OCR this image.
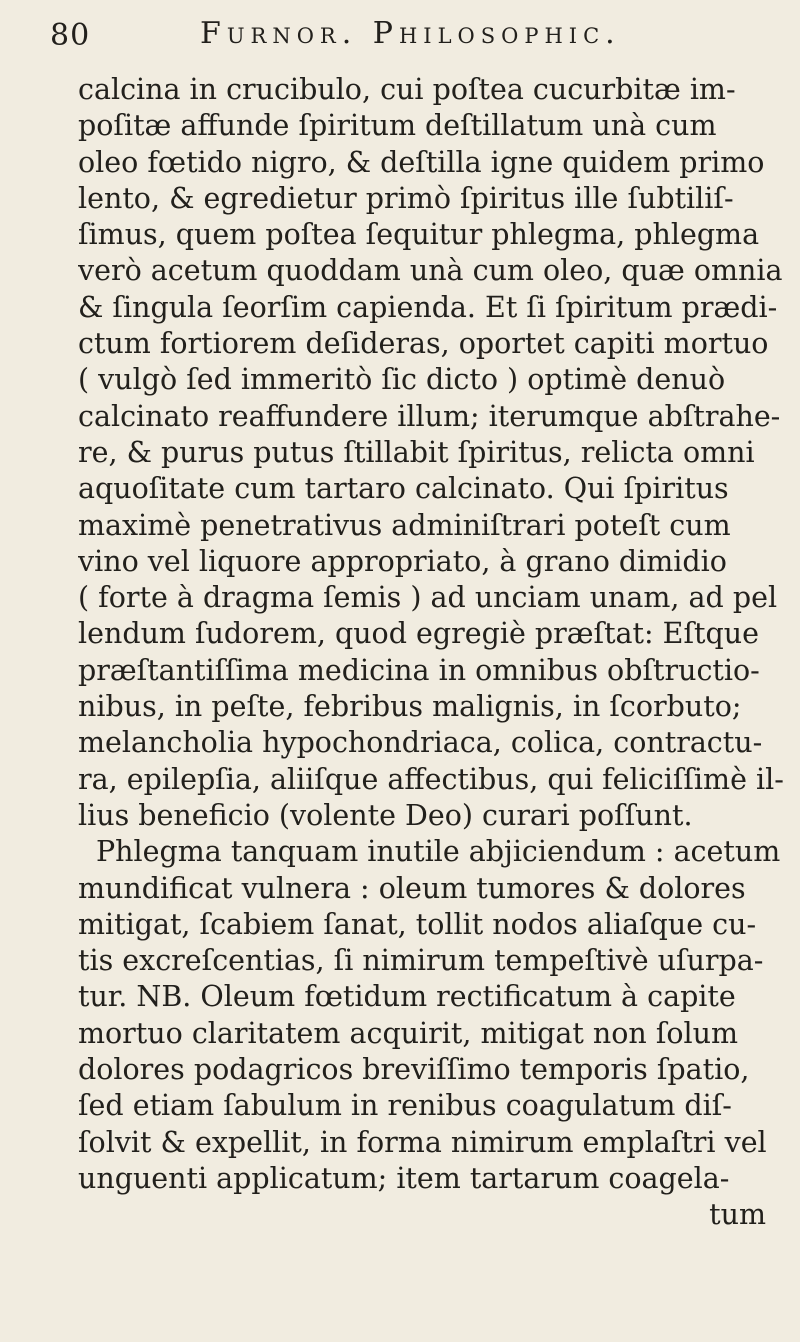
80	Furnor. Philosophic.
calcina in crucibulo, cui poſtea cucurbitæ im-
poſitæ affunde ſpiritum deſtillatum unà cum
oleo fœtido nigro, & deſtilla igne quidem primo
lento, & egredietur primò ſpiritus ille ſubtiliſ-
ſimus, quem poſtea ſequitur phlegma, phlegma
verò acetum quoddam unà cum oleo, quæ omnia
& ſingula ſeorſim capienda. Et ſi ſpiritum prædi-
ctum fortiorem deſideras, oportet capiti mortuo
( vulgò ſed immeritò ſic dicto ) optimè denuò
calcinato reaffundere illum; iterumque abſtrahe-
re, & purus putus ſtillabit ſpiritus, relicta omni
aquoſitate cum tartaro calcinato. Qui ſpiritus
maximè penetrativus adminiſtrari poteſt cum
vino vel liquore appropriato, à grano dimidio
( forte à dragma ſemis ) ad unciam unam, ad pel
lendum ſudorem, quod egregiè præſtat: Eſtque
præſtantiſſima medicina in omnibus obſtructio-
nibus, in peſte, febribus malignis, in ſcorbuto;
melancholia hypochondriaca, colica, contractu-
ra, epilepſia, aliiſque affectibus, qui feliciſſimè il-
lius beneficio (volente Deo) curari poſſunt.
Phlegma tanquam inutile abjiciendum : acetum
mundificat vulnera : oleum tumores & dolores
mitigat, ſcabiem ſanat, tollit nodos aliaſque cu-
tis excreſcentias, ſi nimirum tempeſtivè uſurpa-
tur. NB. Oleum fœtidum rectificatum à capite
mortuo claritatem acquirit, mitigat non ſolum
dolores podagricos breviſſimo temporis ſpatio,
ſed etiam ſabulum in renibus coagulatum diſ-
ſolvit & expellit, in forma nimirum emplaſtri vel
unguenti applicatum; item tartarum coagela-
tum
